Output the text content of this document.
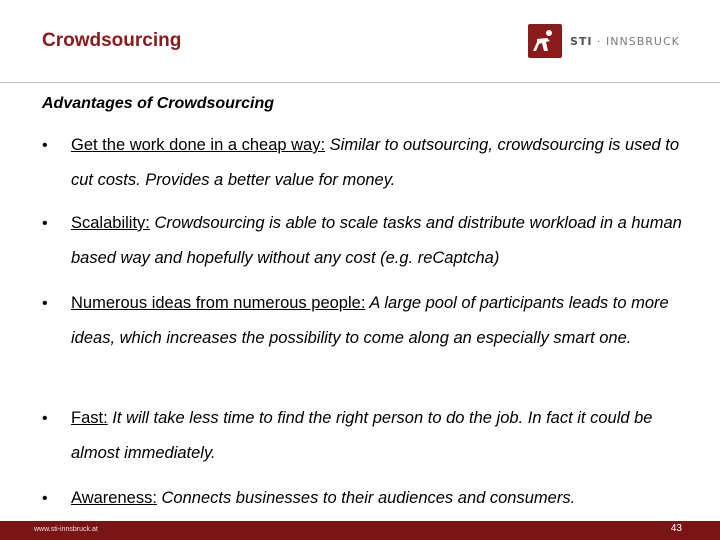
Crowdsourcing	STI · INNSBRUCK
Advantages of Crowdsourcing
• Get the work done in a cheap way: Similar to outsourcing, crowdsourcing is used to cut costs. Provides a better value for money.
• Scalability: Crowdsourcing is able to scale tasks and distribute workload in a human based way and hopefully without any cost (e.g. reCaptcha)
• Numerous ideas from numerous people: A large pool of participants leads to more ideas, which increases the possibility to come along an especially smart one.
• Fast: It will take less time to find the right person to do the job. In fact it could be almost immediately.
• Awareness: Connects businesses to their audiences and consumers.
www.sti-innsbruck.at	43
